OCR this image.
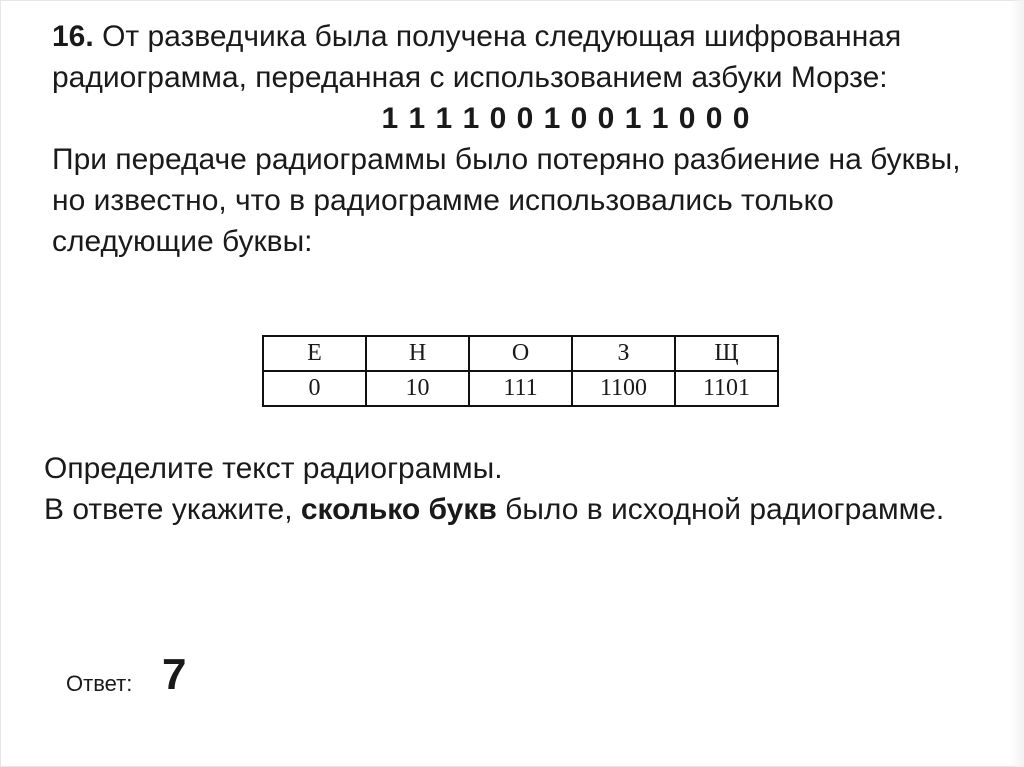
16. От разведчика была получена следующая шифрованная радиограмма, переданная с использованием азбуки Морзе:

1 1 1 1 0 0 1 0 0 1 1 0 0 0

При передаче радиограммы было потеряно разбиение на буквы, но известно, что в радиограмме использовались только следующие буквы:

Е	Н	О	З	Щ
0	10	111	1100	1101

Определите текст радиограммы.

В ответе укажите, сколько букв было в исходной радиограмме.

Ответ: 7
